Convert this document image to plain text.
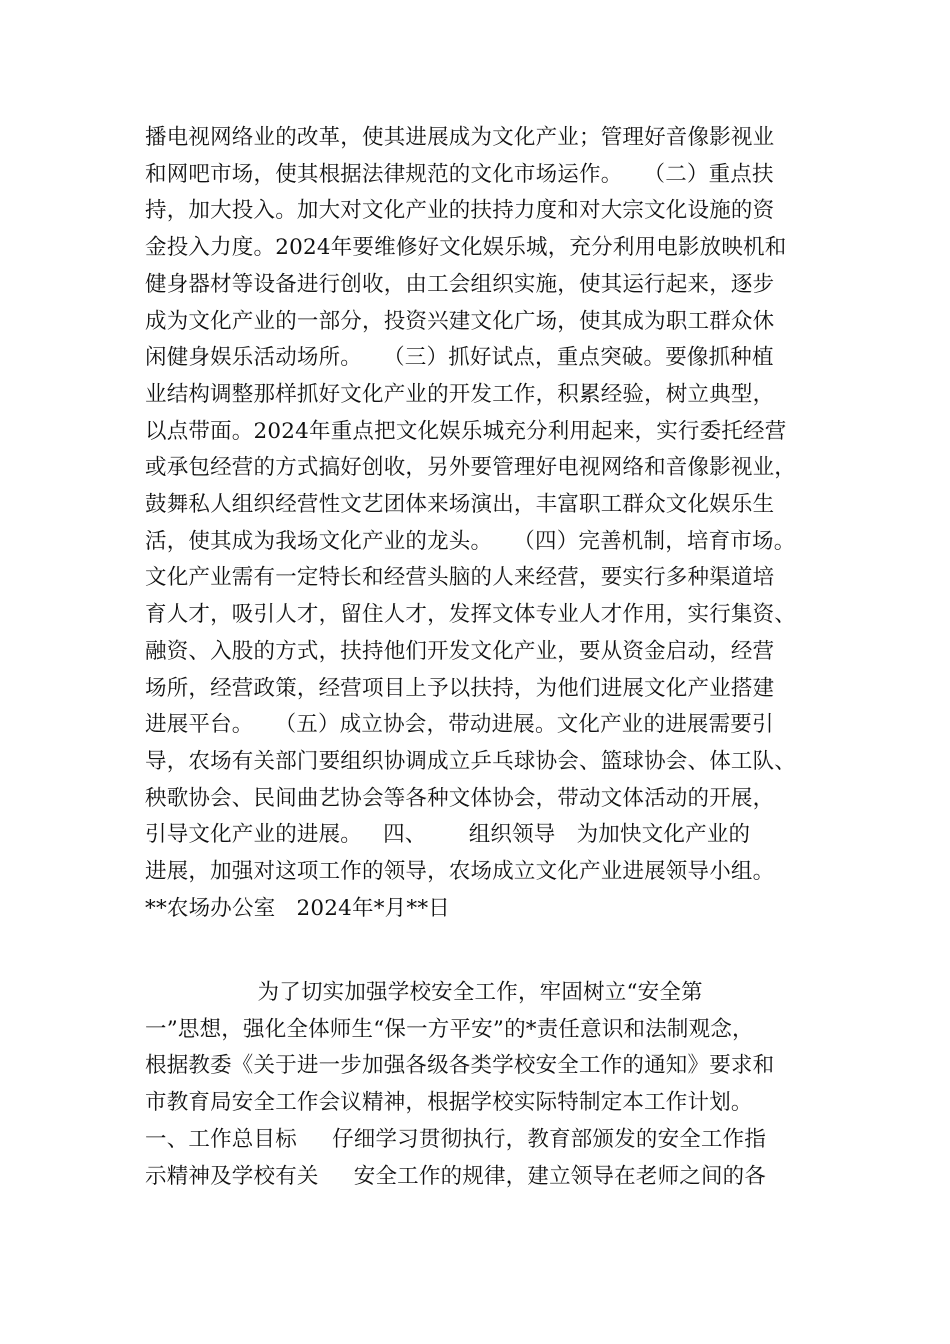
播电视网络业的改革，使其进展成为文化产业；管理好音像影视业
和网吧市场，使其根据法律规范的文化市场运作。   （二）重点扶
持，加大投入。加大对文化产业的扶持力度和对大宗文化设施的资
金投入力度。2024年要维修好文化娱乐城，充分利用电影放映机和
健身器材等设备进行创收，由工会组织实施，使其运行起来，逐步
成为文化产业的一部分，投资兴建文化广场，使其成为职工群众休
闲健身娱乐活动场所。   （三）抓好试点，重点突破。要像抓种植
业结构调整那样抓好文化产业的开发工作，积累经验，树立典型，
以点带面。2024年重点把文化娱乐城充分利用起来，实行委托经营
或承包经营的方式搞好创收，另外要管理好电视网络和音像影视业，
鼓舞私人组织经营性文艺团体来场演出，丰富职工群众文化娱乐生
活，使其成为我场文化产业的龙头。   （四）完善机制，培育市场。
文化产业需有一定特长和经营头脑的人来经营，要实行多种渠道培
育人才，吸引人才，留住人才，发挥文体专业人才作用，实行集资、
融资、入股的方式，扶持他们开发文化产业，要从资金启动，经营
场所，经营政策，经营项目上予以扶持，为他们进展文化产业搭建
进展平台。   （五）成立协会，带动进展。文化产业的进展需要引
导，农场有关部门要组织协调成立乒乓球协会、篮球协会、体工队、
秧歌协会、民间曲艺协会等各种文体协会，带动文体活动的开展，
引导文化产业的进展。   四、      组织领导   为加快文化产业的
进展，加强对这项工作的领导，农场成立文化产业进展领导小组。
**农场办公室   2024年*月**日
为了切实加强学校安全工作，牢固树立“安全第
一”思想，强化全体师生“保一方平安”的*责任意识和法制观念，
根据教委《关于进一步加强各级各类学校安全工作的通知》要求和
市教育局安全工作会议精神，根据学校实际特制定本工作计划。
一、工作总目标     仔细学习贯彻执行，教育部颁发的安全工作指
示精神及学校有关     安全工作的规律，建立领导在老师之间的各
